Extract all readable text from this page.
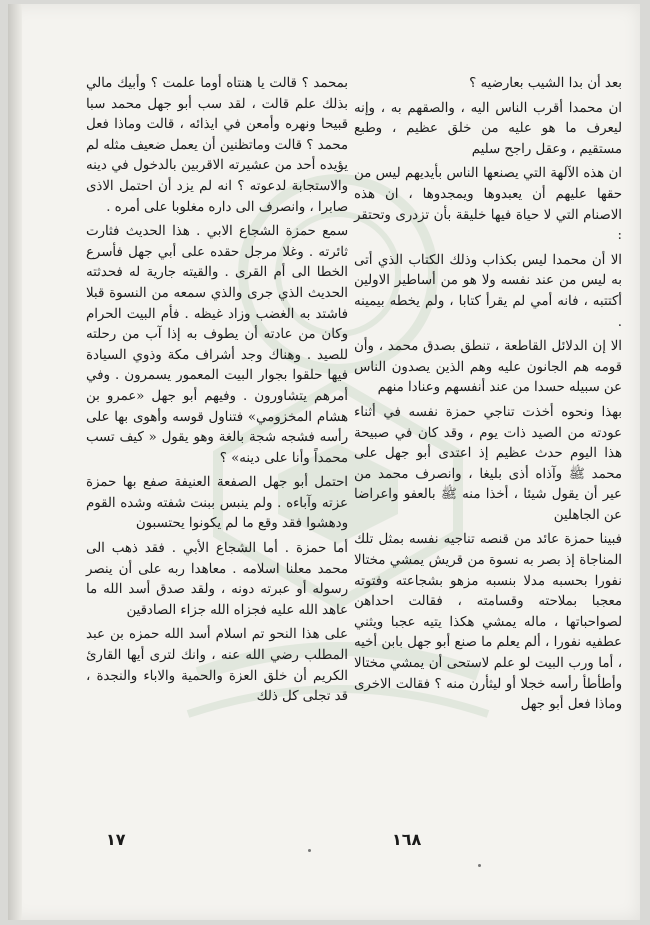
بعد أن بدا الشيب بعارضيه ؟

ان محمدا أقرب الناس اليه ، والصقهم به ، وإنه ليعرف ما هو عليه من خلق عظيم ، وطبع مستقيم ، وعقل راجح سليم

ان هذه الآلهة التي يصنعها الناس بأيديهم ليس من حقها عليهم أن يعبدوها ويمجدوها ، ان هذه الاصنام التي لا حياة فيها خليقة بأن تزدرى وتحتقر :

الا أن محمدا ليس بكذاب وذلك الكتاب الذي أتى به ليس من عند نفسه ولا هو من أساطير الاولين أكتتبه ، فانه أمي لم يقرأ كتابا ، ولم يخطه بيمينه .

الا إن الدلائل القاطعة ، تنطق بصدق محمد ، وأن قومه هم الجانون عليه وهم الذين يصدون الناس عن سبيله حسدا من عند أنفسهم وعنادا منهم

بهذا ونحوه أخذت تناجي حمزة نفسه في أثناء عودته من الصيد ذات يوم ، وقد كان في صبيحة هذا اليوم حدث عظيم إذ اعتدى أبو جهل على محمد ﷺ وآذاه أذى بليغا ، وانصرف محمد من عير أن يقول شيئا ، أخذا منه ﷺ بالعفو واعراضا عن الجاهلين

فبينا حمزة عائد من قنصه تناجيه نفسه بمثل تلك المناجاة إذ بصر به نسوة من قريش يمشي مختالا نفورا بحسبه مدلا بنسبه مزهو بشجاعته وفتوته معجبا بملاحته وقسامته ، فقالت احداهن لصواحباتها ، ماله يمشي هكذا يتيه عجبا ويثني عطفيه نفورا ، ألم يعلم ما صنع أبو جهل بابن أخيه ، أما ورب البيت لو علم لاستحى أن يمشي مختالا وأطأطأ رأسه خجلا أو ليثأرن منه ؟ فقالت الاخرى وماذا فعل أبو جهل

بمحمد ؟ قالت يا هنتاه أوما علمت ؟ وأبيك مالي بذلك علم قالت ، لقد سب أبو جهل محمد سبا قبيحا ونهره وأمعن في ايذائه ، قالت وماذا فعل محمد ؟ قالت وماتظنين أن يعمل ضعيف مثله لم يؤيده أحد من عشيرته الاقربين بالدخول في دينه والاستجابة لدعوته ؟ انه لم يزد أن احتمل الاذى صابرا ، وانصرف الى داره مغلوبا على أمره .

سمع حمزة الشجاع الابي . هذا الحديث فثارت ثائرته . وغلا مرجل حقده على أبي جهل فأسرع الخطا الى أم القرى . والقيته جارية له فحدثته الحديث الذي جرى والذي سمعه من النسوة قبلا فاشتد به الغضب وزاد غيظه . فأم البيت الحرام وكان من عادته أن يطوف به إذا آب من رحلته للصيد . وهناك وجد أشراف مكة وذوي السيادة فيها حلقوا بجوار البيت المعمور يسمرون . وفي أمرهم يتشاورون . وفيهم أبو جهل «عمرو بن هشام المخزومي» فتناول قوسه وأهوى بها على رأسه فشجه شجة بالغة وهو يقول « كيف تسب محمداً وأنا على دينه» ؟

احتمل أبو جهل الصفعة العنيفة صفع بها حمزة عزته وآباءه . ولم ينبس ببنت شفته وشده القوم ودهشوا فقد وقع ما لم يكونوا يحتسبون

أما حمزة . أما الشجاع الأبي . فقد ذهب الى محمد معلنا اسلامه . معاهدا ربه على أن ينصر رسوله أو عبرته دونه ، ولقد صدق أسد الله ما عاهد الله عليه فجزاه الله جزاء الصادقين

على هذا النحو تم اسلام أسد الله حمزه بن عبد المطلب رضي الله عنه ، وانك لترى أيها القارئ الكريم أن خلق العزة والحمية والاباء والنجدة ، قد تجلى كل ذلك

١٦٨
١٧
